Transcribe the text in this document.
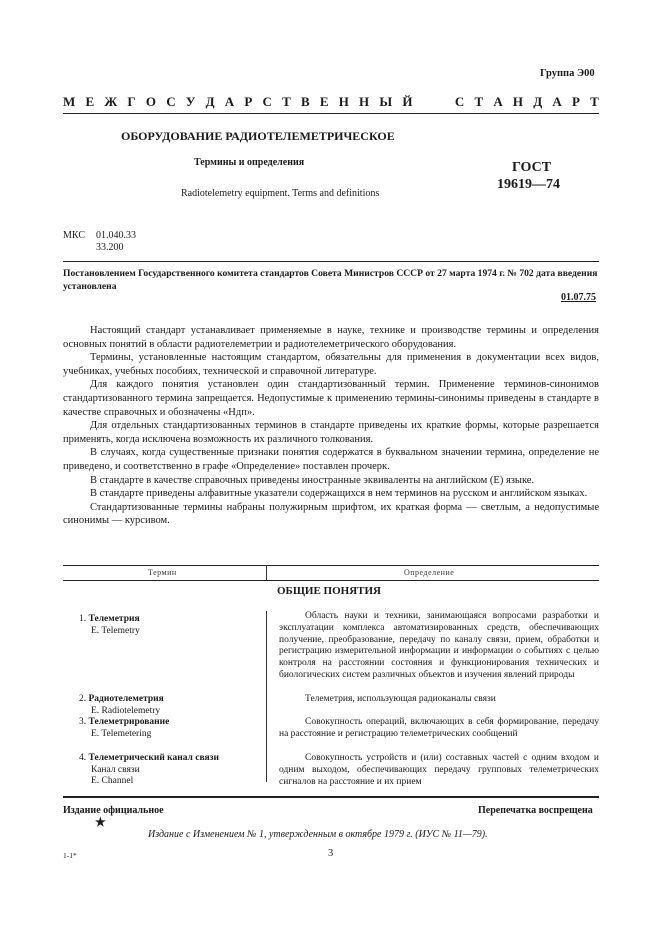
Группа Э00
М Е Ж Г О С У Д А Р С Т В Е Н Н Ы Й	С Т А Н Д А Р Т
ОБОРУДОВАНИЕ РАДИОТЕЛЕМЕТРИЧЕСКОЕ
Термины и определения
Radiotelemetry equipment. Terms and definitions
ГОСТ
19619—74
МКС 01.040.33
33.200
Постановлением Государственного комитета стандартов Совета Министров СССР от 27 марта 1974 г. № 702 дата введения установлена
01.07.75

Настоящий стандарт устанавливает применяемые в науке, технике и производстве термины и определения основных понятий в области радиотелеметрии и радиотелеметрического оборудования.

Термины, установленные настоящим стандартом, обязательны для применения в документации всех видов, учебниках, учебных пособиях, технической и справочной литературе.

Для каждого понятия установлен один стандартизованный термин. Применение терминов-синонимов стандартизованного термина запрещается. Недопустимые к применению термины-синонимы приведены в стандарте в качестве справочных и обозначены «Ндп».

Для отдельных стандартизованных терминов в стандарте приведены их краткие формы, которые разрешается применять, когда исключена возможность их различного толкования.

В случаях, когда существенные признаки понятия содержатся в буквальном значении термина, определение не приведено, и соответственно в графе «Определение» поставлен прочерк.

В стандарте в качестве справочных приведены иностранные эквиваленты на английском (Е) языке.

В стандарте приведены алфавитные указатели содержащихся в нем терминов на русском и английском языках.

Стандартизованные термины набраны полужирным шрифтом, их краткая форма — светлым, а недопустимые синонимы — курсивом.

Термин	Определение
ОБЩИЕ ПОНЯТИЯ
1. Телеметрия
E. Telemetry
Область науки и техники, занимающаяся вопросами разработки и эксплуатации комплекса автоматизированных средств, обеспечивающих получение, преобразование, передачу по каналу связи, прием, обработки и регистрацию измерительной информации и информации о событиях с целью контроля на расстоянии состояния и функционирования технических и биологических систем различных объектов и изучения явлений природы
2. Радиотелеметрия
E. Radiotelemetry
Телеметрия, использующая радиоканалы связи
3. Телеметрирование
E. Telemetering
Совокупность операций, включающих в себя формирование, передачу на расстояние и регистрацию телеметрических сообщений
4. Телеметрический канал связи
Канал связи
E. Channel
Совокупность устройств и (или) составных частей с одним входом и одним выходом, обеспечивающих передачу групповых телеметрических сигналов на расстояние и их прием
Издание официальное	Перепечатка воспрещена
★
Издание с Изменением № 1, утвержденным в октябре 1979 г. (ИУС № 11—79).
1-1*	3
